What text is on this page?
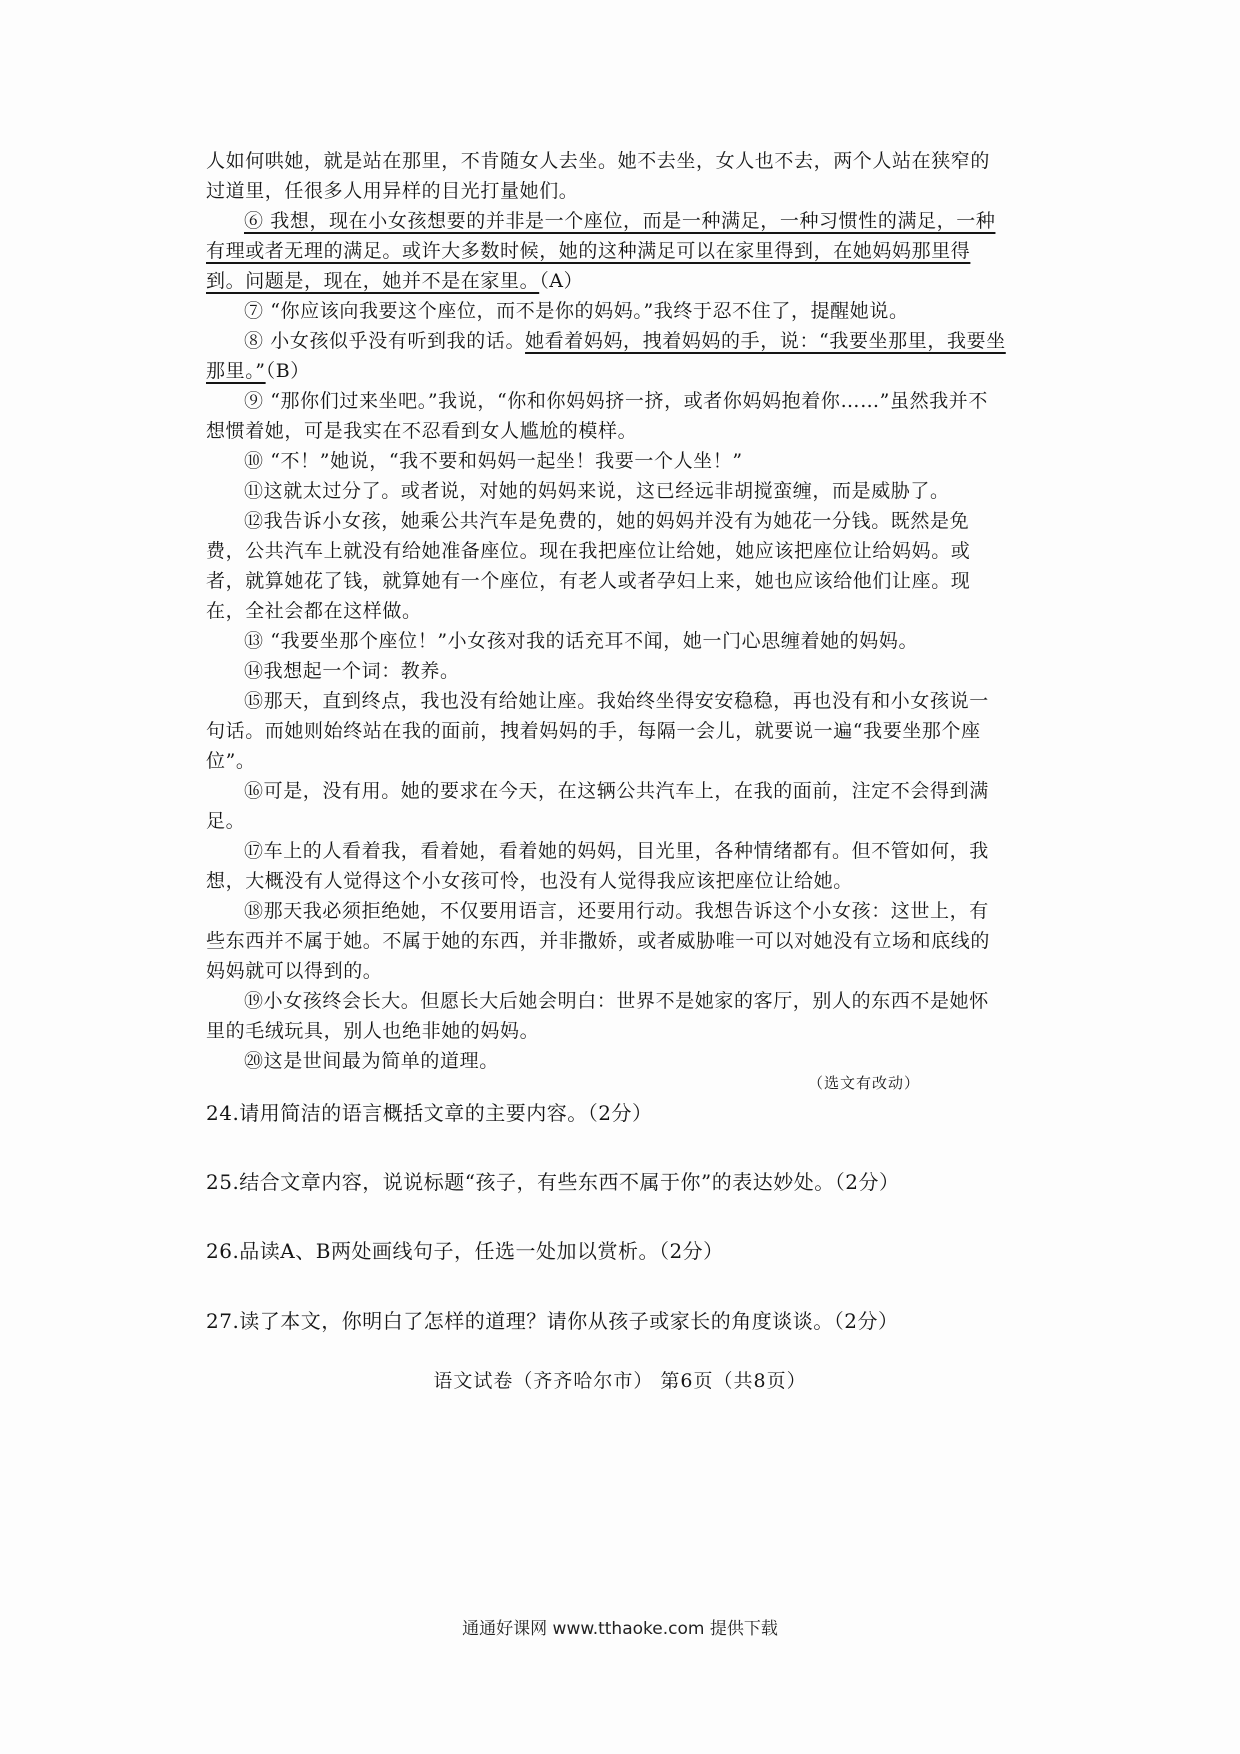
人如何哄她，就是站在那里，不肯随女人去坐。她不去坐，女人也不去，两个人站在狭窄的过道里，任很多人用异样的目光打量她们。

⑥ 我想，现在小女孩想要的并非是一个座位，而是一种满足，一种习惯性的满足，一种有理或者无理的满足。或许大多数时候，她的这种满足可以在家里得到，在她妈妈那里得到。问题是，现在，她并不是在家里。（A）

⑦ “你应该向我要这个座位，而不是你的妈妈。”我终于忍不住了，提醒她说。

⑧ 小女孩似乎没有听到我的话。她看着妈妈，拽着妈妈的手，说：“我要坐那里，我要坐那里。”（B）

⑨ “那你们过来坐吧。”我说，“你和你妈妈挤一挤，或者你妈妈抱着你……”虽然我并不想惯着她，可是我实在不忍看到女人尴尬的模样。

⑩ “不！”她说，“我不要和妈妈一起坐！我要一个人坐！”

⑪这就太过分了。或者说，对她的妈妈来说，这已经远非胡搅蛮缠，而是威胁了。

⑫我告诉小女孩，她乘公共汽车是免费的，她的妈妈并没有为她花一分钱。既然是免费，公共汽车上就没有给她准备座位。现在我把座位让给她，她应该把座位让给妈妈。或者，就算她花了钱，就算她有一个座位，有老人或者孕妇上来，她也应该给他们让座。现在，全社会都在这样做。

⑬ “我要坐那个座位！”小女孩对我的话充耳不闻，她一门心思缠着她的妈妈。

⑭我想起一个词：教养。

⑮那天，直到终点，我也没有给她让座。我始终坐得安安稳稳，再也没有和小女孩说一句话。而她则始终站在我的面前，拽着妈妈的手，每隔一会儿，就要说一遍“我要坐那个座位”。

⑯可是，没有用。她的要求在今天，在这辆公共汽车上，在我的面前，注定不会得到满足。

⑰车上的人看着我，看着她，看着她的妈妈，目光里，各种情绪都有。但不管如何，我想，大概没有人觉得这个小女孩可怜，也没有人觉得我应该把座位让给她。

⑱那天我必须拒绝她，不仅要用语言，还要用行动。我想告诉这个小女孩：这世上，有些东西并不属于她。不属于她的东西，并非撒娇，或者威胁唯一可以对她没有立场和底线的妈妈就可以得到的。

⑲小女孩终会长大。但愿长大后她会明白：世界不是她家的客厅，别人的东西不是她怀里的毛绒玩具，别人也绝非她的妈妈。

⑳这是世间最为简单的道理。

（选文有改动）
24.请用简洁的语言概括文章的主要内容。（2分）
25.结合文章内容，说说标题“孩子，有些东西不属于你”的表达妙处。（2分）
26.品读A、B两处画线句子，任选一处加以赏析。（2分）
27.读了本文，你明白了怎样的道理？请你从孩子或家长的角度谈谈。（2分）
语文试卷（齐齐哈尔市） 第6页（共8页）
通通好课网 www.tthaoke.com 提供下载
